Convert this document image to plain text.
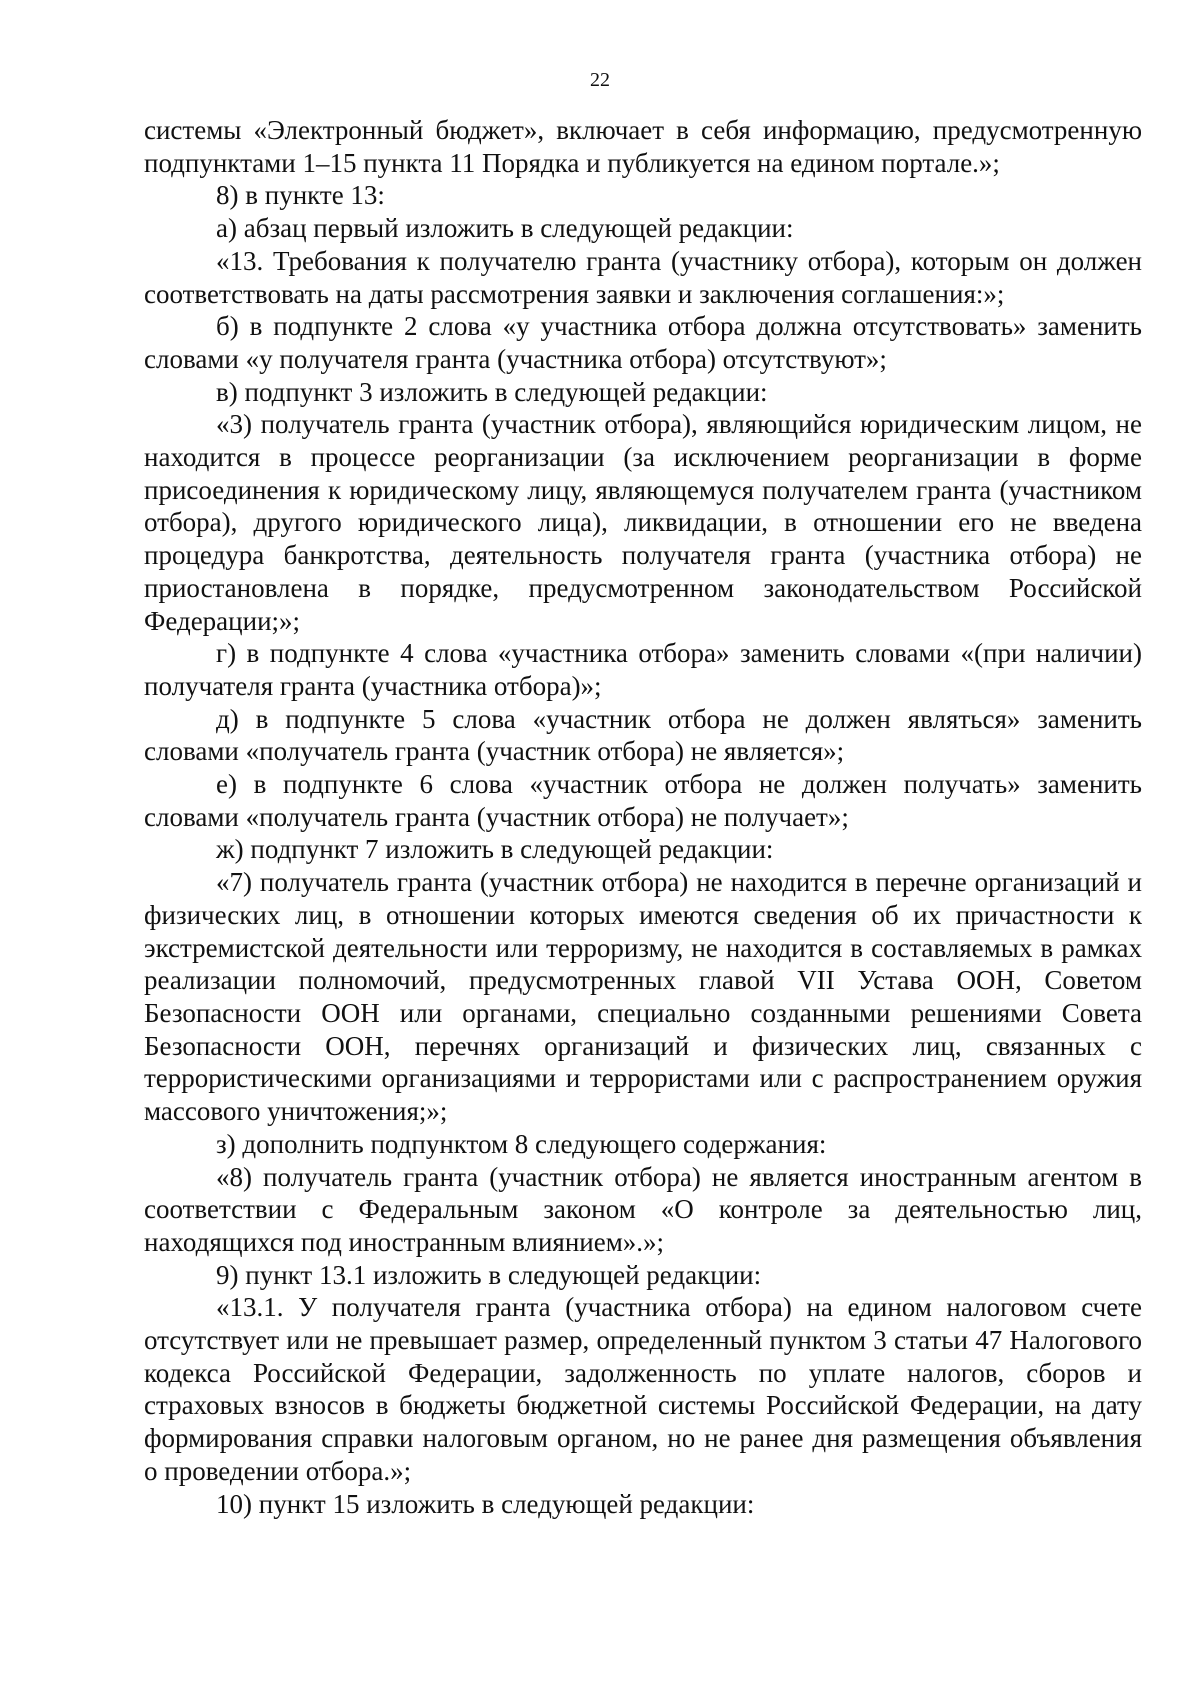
22

системы «Электронный бюджет», включает в себя информацию, предусмотренную подпунктами 1–15 пункта 11 Порядка и публикуется на едином портале.»;

8) в пункте 13:

а) абзац первый изложить в следующей редакции:

«13. Требования к получателю гранта (участнику отбора), которым он должен соответствовать на даты рассмотрения заявки и заключения соглашения:»;

б) в подпункте 2 слова «у участника отбора должна отсутствовать» заменить словами «у получателя гранта (участника отбора) отсутствуют»;

в) подпункт 3 изложить в следующей редакции:

«3) получатель гранта (участник отбора), являющийся юридическим лицом, не находится в процессе реорганизации (за исключением реорганизации в форме присоединения к юридическому лицу, являющемуся получателем гранта (участником отбора), другого юридического лица), ликвидации, в отношении его не введена процедура банкротства, деятельность получателя гранта (участника отбора) не приостановлена в порядке, предусмотренном законодательством Российской Федерации;»;

г) в подпункте 4 слова «участника отбора» заменить словами «(при наличии) получателя гранта (участника отбора)»;

д) в подпункте 5 слова «участник отбора не должен являться» заменить словами «получатель гранта (участник отбора) не является»;

е) в подпункте 6 слова «участник отбора не должен получать» заменить словами «получатель гранта (участник отбора) не получает»;

ж) подпункт 7 изложить в следующей редакции:

«7) получатель гранта (участник отбора) не находится в перечне организаций и физических лиц, в отношении которых имеются сведения об их причастности к экстремистской деятельности или терроризму, не находится в составляемых в рамках реализации полномочий, предусмотренных главой VII Устава ООН, Советом Безопасности ООН или органами, специально созданными решениями Совета Безопасности ООН, перечнях организаций и физических лиц, связанных с террористическими организациями и террористами или с распространением оружия массового уничтожения;»;

з) дополнить подпунктом 8 следующего содержания:

«8) получатель гранта (участник отбора) не является иностранным агентом в соответствии с Федеральным законом «О контроле за деятельностью лиц, находящихся под иностранным влиянием».»;

9) пункт 13.1 изложить в следующей редакции:

«13.1. У получателя гранта (участника отбора) на едином налоговом счете отсутствует или не превышает размер, определенный пунктом 3 статьи 47 Налогового кодекса Российской Федерации, задолженность по уплате налогов, сборов и страховых взносов в бюджеты бюджетной системы Российской Федерации, на дату формирования справки налоговым органом, но не ранее дня размещения объявления о проведении отбора.»;

10) пункт 15 изложить в следующей редакции:
